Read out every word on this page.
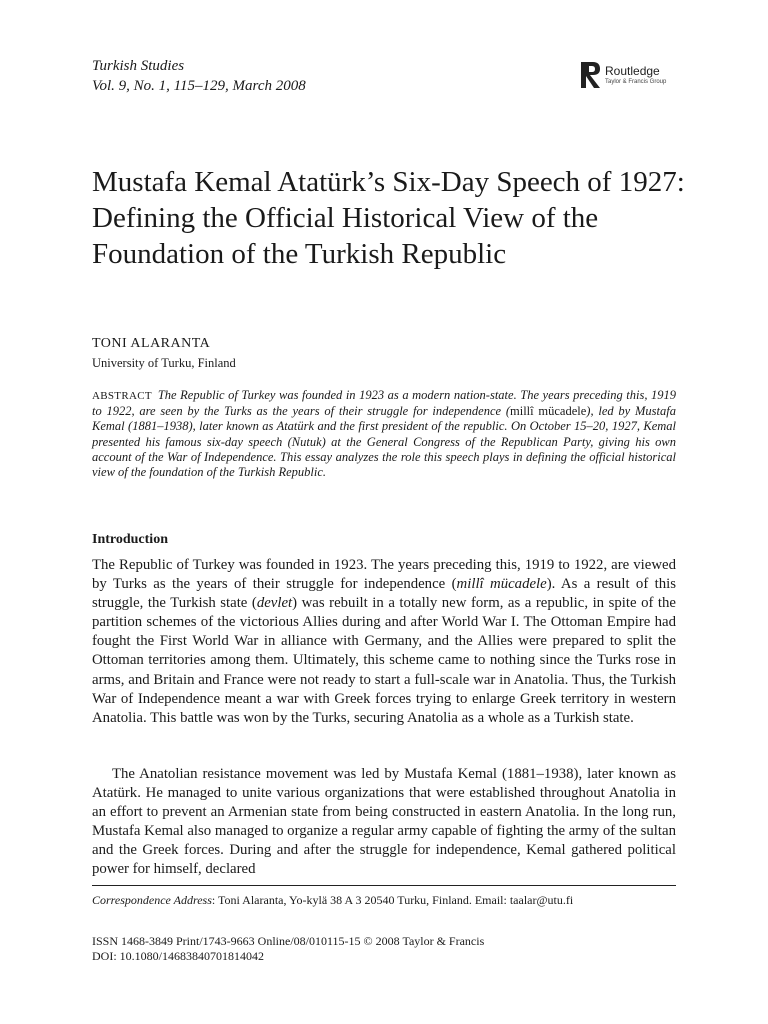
Turkish Studies
Vol. 9, No. 1, 115–129, March 2008
Routledge
Taylor & Francis Group
Mustafa Kemal Atatürk’s Six-Day Speech of 1927: Defining the Official Historical View of the Foundation of the Turkish Republic
TONI ALARANTA
University of Turku, Finland

ABSTRACT The Republic of Turkey was founded in 1923 as a modern nation-state. The years preceding this, 1919 to 1922, are seen by the Turks as the years of their struggle for independence (millî mücadele), led by Mustafa Kemal (1881–1938), later known as Atatürk and the first president of the republic. On October 15–20, 1927, Kemal presented his famous six-day speech (Nutuk) at the General Congress of the Republican Party, giving his own account of the War of Independence. This essay analyzes the role this speech plays in defining the official historical view of the foundation of the Turkish Republic.

Introduction

The Republic of Turkey was founded in 1923. The years preceding this, 1919 to 1922, are viewed by Turks as the years of their struggle for independence (millî mücadele). As a result of this struggle, the Turkish state (devlet) was rebuilt in a totally new form, as a republic, in spite of the partition schemes of the victorious Allies during and after World War I. The Ottoman Empire had fought the First World War in alliance with Germany, and the Allies were prepared to split the Ottoman territories among them. Ultimately, this scheme came to nothing since the Turks rose in arms, and Britain and France were not ready to start a full-scale war in Anatolia. Thus, the Turkish War of Independence meant a war with Greek forces trying to enlarge Greek territory in western Anatolia. This battle was won by the Turks, securing Anatolia as a whole as a Turkish state.

The Anatolian resistance movement was led by Mustafa Kemal (1881–1938), later known as Atatürk. He managed to unite various organizations that were established throughout Anatolia in an effort to prevent an Armenian state from being constructed in eastern Anatolia. In the long run, Mustafa Kemal also managed to organize a regular army capable of fighting the army of the sultan and the Greek forces. During and after the struggle for independence, Kemal gathered political power for himself, declared

Correspondence Address: Toni Alaranta, Yo-kylä 38 A 3 20540 Turku, Finland. Email: taalar@utu.fi
ISSN 1468-3849 Print/1743-9663 Online/08/010115-15 © 2008 Taylor & Francis
DOI: 10.1080/14683840701814042
